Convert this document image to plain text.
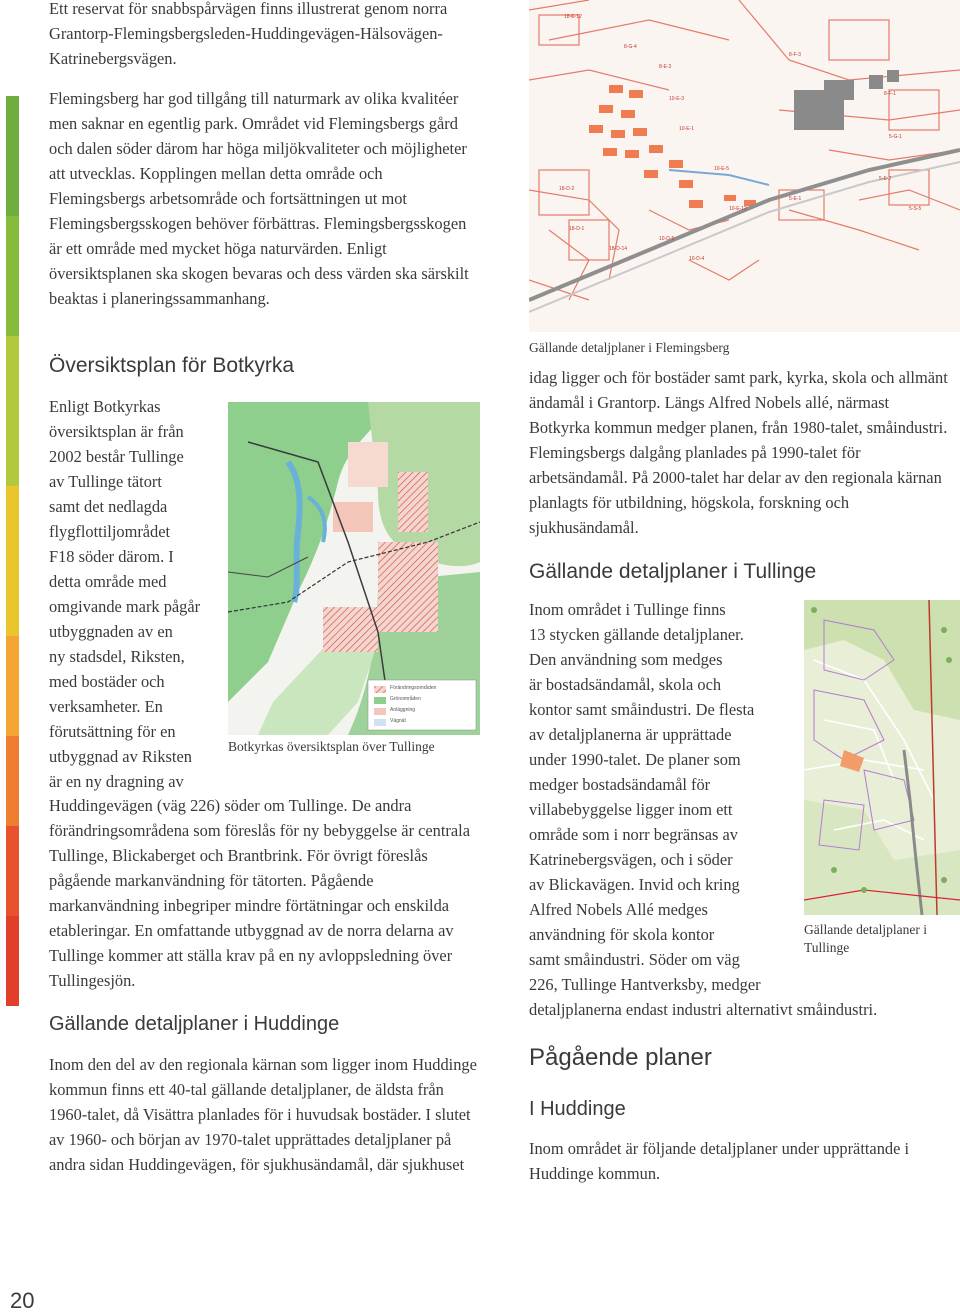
Ett reservat för snabbspårvägen finns illustrerat genom norra Grantorp-Flemingsbergsleden-Huddingevägen-Hälsovägen-Katrinebergsvägen.

Flemingsberg har god tillgång till naturmark av olika kvalitéer men saknar en egentlig park. Området vid Flemingsbergs gård och dalen söder därom har höga miljökvaliteter och möjligheter att utvecklas. Kopplingen mellan detta område och Flemingsbergs arbetsområde och fortsättningen ut mot Flemingsbergsskogen behöver förbättras. Flemingsbergsskogen är ett område med mycket höga naturvärden. Enligt översiktsplanen ska skogen bevaras och dess värden ska särskilt beaktas i planeringssammanhang.

Översiktsplan för Botkyrka
Enligt Botkyrkas
översiktsplan är från
2002 består Tullinge
av Tullinge tätort
samt det nedlagda
flygflottiljområdet
F18 söder därom. I
detta område med
omgivande mark pågår
utbyggnaden av en
ny stadsdel, Riksten,
med bostäder och
verksamheter. En
förutsättning för en
utbyggnad av Riksten
är en ny dragning av
Förändringsområden
Grönområden
Anläggning
Vägnät
Botkyrkas översiktsplan över Tullinge

Huddingevägen (väg 226) söder om Tullinge. De andra förändringsområdena som föreslås för ny bebyggelse är centrala Tullinge, Blickaberget och Brantbrink. För övrigt föreslås pågående markanvändning för tätorten. Pågående markanvändning inbegriper mindre förtätningar och enskilda etableringar. En omfattande utbyggnad av de norra delarna av Tullinge kommer att ställa krav på en ny avloppsledning över Tullingesjön.

Gällande detaljplaner i Huddinge

Inom den del av den regionala kärnan som ligger inom Huddinge kommun finns ett 40-tal gällande detaljplaner, de äldsta från 1960-talet, då Visättra planlades för i huvudsak bostäder. I slutet av 1960- och början av 1970-talet upprättades detaljplaner på andra sidan Huddingevägen, för sjukhusändamål, där sjukhuset

20
18-E-12
8-G-4
8-E-3
8-F-3
8-F-1
5-G-1
5-E-2
5-E-1
5-S-5
18-D-2
18-D-1
18-D-14
10-E-3
10-E-1
10-E-5
10-E-12
10-D-5
10-D-4
Gällande detaljplaner i Flemingsberg

idag ligger och för bostäder samt park, kyrka, skola och allmänt ändamål i Grantorp. Längs Alfred Nobels allé, närmast Botkyrka kommun medger planen, från 1980-talet, småindustri. Flemingsbergs dalgång planlades på 1990-talet för arbetsändamål. På 2000-talet har delar av den regionala kärnan planlagts för utbildning, högskola, forskning och sjukhusändamål.

Gällande detaljplaner i Tullinge
Inom området i Tullinge finns
13 stycken gällande detaljplaner.
Den användning som medges
är bostadsändamål, skola och
kontor samt småindustri. De flesta
av detaljplanerna är upprättade
under 1990-talet. De planer som
medger bostadsändamål för
villabebyggelse ligger inom ett
område som i norr begränsas av
Katrinebergsvägen, och i söder
av Blickavägen. Invid och kring
Alfred Nobels Allé medges
användning för skola kontor
samt småindustri. Söder om väg
226, Tullinge Hantverksby, medger
detaljplanerna endast industri alternativt småindustri.
Gällande detaljplaner i Tullinge
Pågående planer
I Huddinge

Inom området är följande detaljplaner under upprättande i Huddinge kommun.
